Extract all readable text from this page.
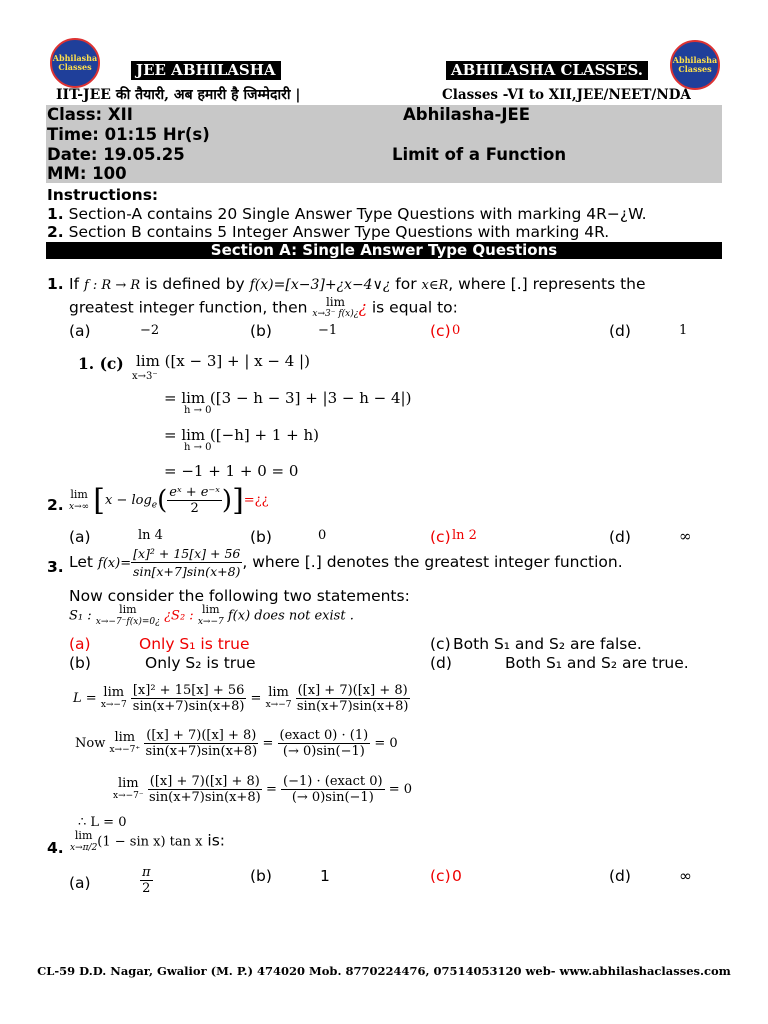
Abhilasha
Classes
Abhilasha
Classes
JEE ABHILASHA	ABHILASHA CLASSES.
IIT-JEE की तैयारी, अब हमारी है जिम्मेदारी |	Classes -VI to XII,JEE/NEET/NDA
Class: XII	Abhilasha-JEE
Time: 01:15 Hr(s)
Date: 19.05.25	Limit of a Function
MM: 100
Instructions:
1. Section-A contains 20 Single Answer Type Questions with marking 4R−¿W.
2. Section B contains 5 Integer Answer Type Questions with marking 4R.
Section A: Single Answer Type Questions
1. If f : R → R is defined by f(x)=[x−3]+¿x−4∨¿ for x∈R, where [.] represents the
greatest integer function, then lim
x→3⁻ f(x)¿ ¿ is equal to:
(a)	−2	(b)	−1	(c) 0	(d)	1
1. (c) lim ([x − 3] + | x − 4 |)
x→3⁻
= lim ([3 − h − 3] + |3 − h − 4|)
h → 0
= lim ([−h] + 1 + h)
h → 0
= −1 + 1 + 0 = 0
2.
lim
x→∞ [$x - \log_e( \frac{\text{eˣ + e⁻ˣ}}{2}$ )]=¿¿
(a)	ln 4	(b)	0	(c) ln 2	(d)	∞
3. Let $f(x)= \frac{\text{[x]² + 15[x] + 56}}{\sin[x+7]\sin(x+8)}$ , where [.] denotes the greatest integer function.
Now consider the following two statements:
S₁ : lim
x→−7⁻f(x)=0¿ ¿S₂ : lim
x→−7 f(x) does not exist .
(a)	Only S₁ is true
(b)	Only S₂ is true
(c) Both S₁ and S₂ are false.
(d)	Both S₁ and S₂ are true.
L = lim
x→−7
$\frac{\text{[x]² + 15[x] + 56}}{\sin(x+7)\sin(x+8)} = \lim$
x→−7
$\frac{([x] + 7)([x] + 8)}{\sin(x+7)\sin(x+8)}$
Now lim
x→−7⁺
$\frac{([x] + 7)([x] + 8)}{\sin(x+7)\sin(x+8)} = \frac{\text{(exact 0) · (1)}}{(\to 0)\sin(-1)} = 0$
lim
x→−7⁻
$\frac{([x] + 7)([x] + 8)}{\sin(x+7)\sin(x+8)} = \frac{\text{(−1) · (exact 0)}}{(\to 0)\sin(-1)} = 0$
∴ L = 0
4.
lim
x→π/2 (1 − sin x) tan x is:
(a)	$\frac{\pi}{2}$	(b)	1	(c) 0	(d)	∞
CL-59 D.D. Nagar, Gwalior (M. P.) 474020 Mob. 8770224476, 07514053120 web- www.abhilashaclasses.com
